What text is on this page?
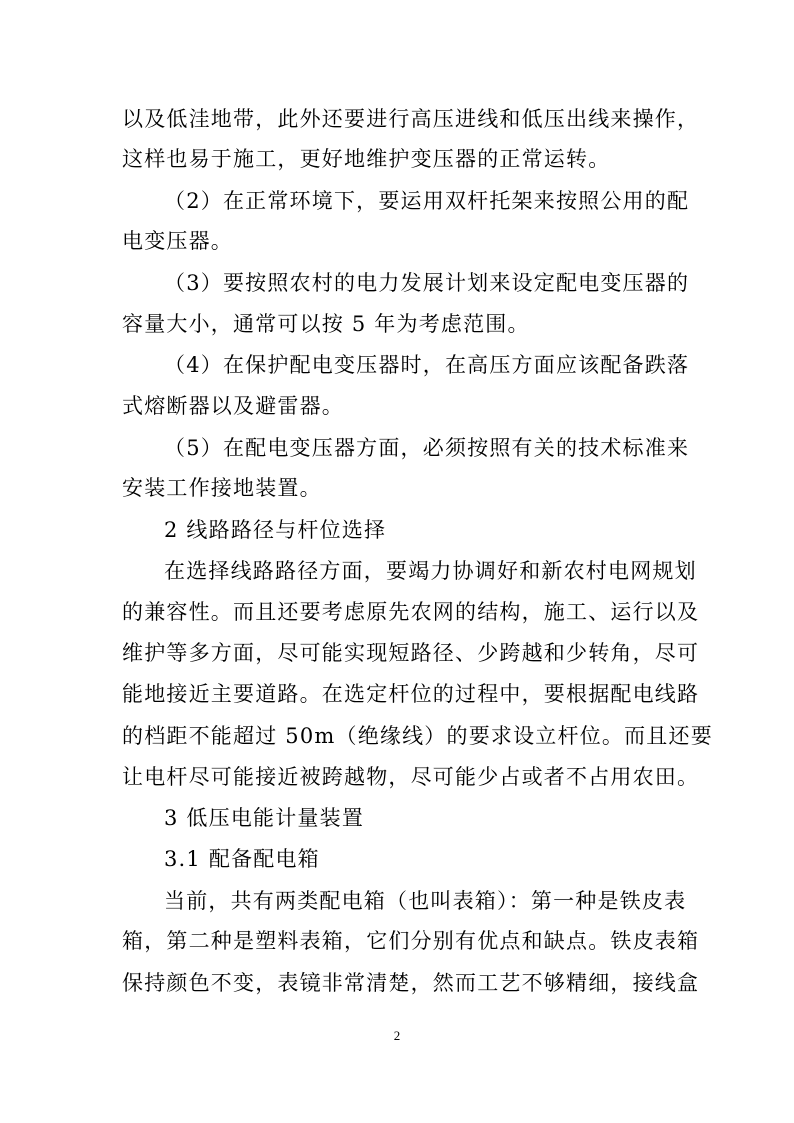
以及低洼地带，此外还要进行高压进线和低压出线来操作，
这样也易于施工，更好地维护变压器的正常运转。
（2）在正常环境下，要运用双杆托架来按照公用的配
电变压器。
（3）要按照农村的电力发展计划来设定配电变压器的
容量大小，通常可以按 5 年为考虑范围。
（4）在保护配电变压器时，在高压方面应该配备跌落
式熔断器以及避雷器。
（5）在配电变压器方面，必须按照有关的技术标准来
安装工作接地装置。
2 线路路径与杆位选择
在选择线路路径方面，要竭力协调好和新农村电网规划
的兼容性。而且还要考虑原先农网的结构，施工、运行以及
维护等多方面，尽可能实现短路径、少跨越和少转角，尽可
能地接近主要道路。在选定杆位的过程中，要根据配电线路
的档距不能超过 50m（绝缘线）的要求设立杆位。而且还要
让电杆尽可能接近被跨越物，尽可能少占或者不占用农田。
3 低压电能计量装置
3.1 配备配电箱
当前，共有两类配电箱（也叫表箱）：第一种是铁皮表
箱，第二种是塑料表箱，它们分别有优点和缺点。铁皮表箱
保持颜色不变，表镜非常清楚，然而工艺不够精细，接线盒
2
